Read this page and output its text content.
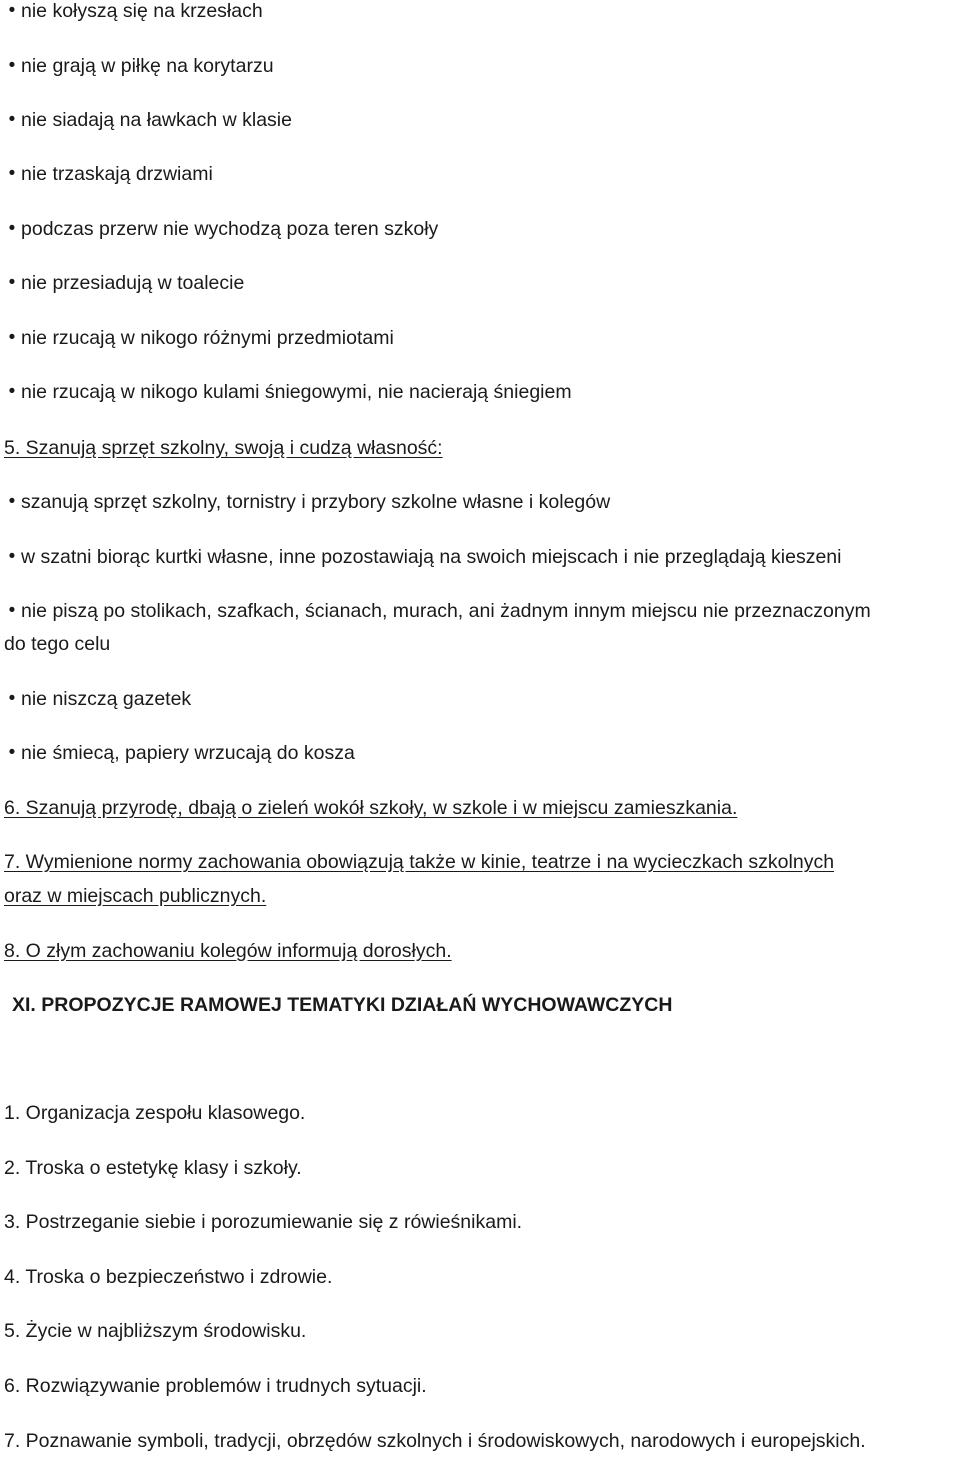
• nie kołyszą się na krzesłach
• nie grają w piłkę na korytarzu
• nie siadają na ławkach w klasie
• nie trzaskają drzwiami
• podczas przerw nie wychodzą poza teren szkoły
• nie przesiadują w toalecie
• nie rzucają w nikogo różnymi przedmiotami
• nie rzucają w nikogo kulami śniegowymi, nie nacierają śniegiem
5. Szanują sprzęt szkolny, swoją i cudzą własność:
• szanują sprzęt szkolny, tornistry i przybory szkolne własne i kolegów
• w szatni biorąc kurtki własne, inne pozostawiają na swoich miejscach i nie przeglądają kieszeni
• nie piszą po stolikach, szafkach, ścianach, murach, ani żadnym innym miejscu nie przeznaczonym
do tego celu
• nie niszczą gazetek
• nie śmiecą, papiery wrzucają do kosza
6. Szanują przyrodę, dbają o zieleń wokół szkoły, w szkole i w miejscu zamieszkania.
7. Wymienione normy zachowania obowiązują także w kinie, teatrze i na wycieczkach szkolnych
oraz w miejscach publicznych.
8. O złym zachowaniu kolegów informują dorosłych.
XI. PROPOZYCJE RAMOWEJ TEMATYKI DZIAŁAŃ WYCHOWAWCZYCH
1. Organizacja zespołu klasowego.
2. Troska o estetykę klasy i szkoły.
3. Postrzeganie siebie i porozumiewanie się z rówieśnikami.
4. Troska o bezpieczeństwo i zdrowie.
5. Życie w najbliższym środowisku.
6. Rozwiązywanie problemów i trudnych sytuacji.
7. Poznawanie symboli, tradycji, obrzędów szkolnych i środowiskowych, narodowych i europejskich.
